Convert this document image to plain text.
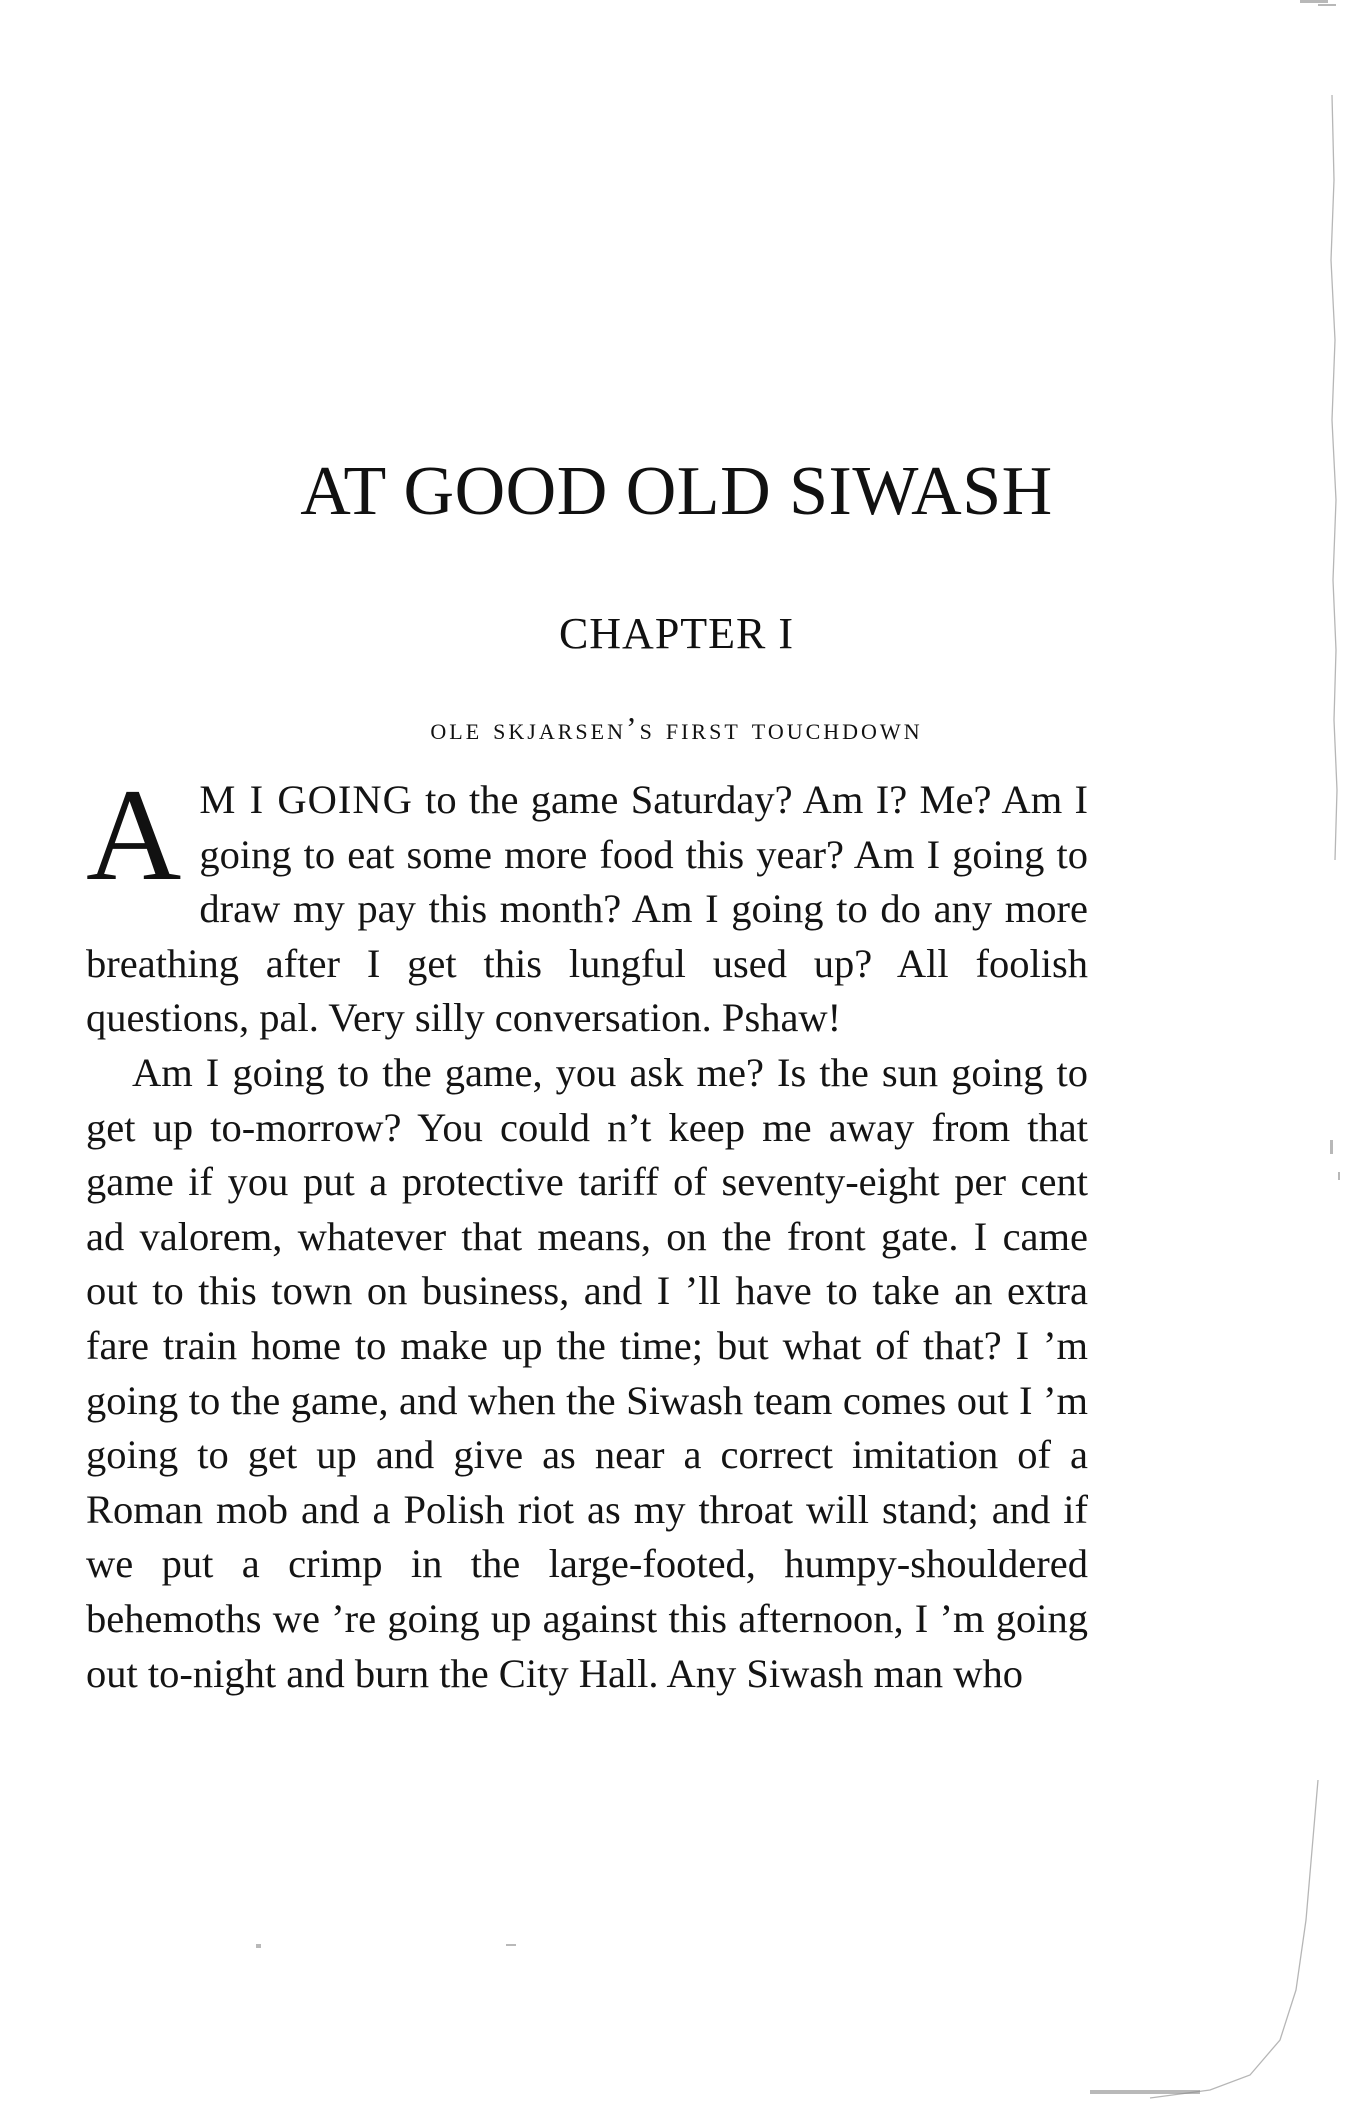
AT GOOD OLD SIWASH
CHAPTER I
ole skjarsen’s first touchdown

A M I GOING to the game Saturday? Am I? Me? Am I going to eat some more food this year? Am I going to draw my pay this month? Am I going to do any more breathing after I get this lungful used up? All foolish questions, pal. Very silly conversation. Pshaw!

Am I going to the game, you ask me? Is the sun going to get up to-morrow? You could n’t keep me away from that game if you put a protective tariff of seventy-eight per cent ad valorem, whatever that means, on the front gate. I came out to this town on business, and I ’ll have to take an extra fare train home to make up the time; but what of that? I ’m going to the game, and when the Siwash team comes out I ’m going to get up and give as near a correct imitation of a Roman mob and a Polish riot as my throat will stand; and if we put a crimp in the large-footed, humpy-shouldered behemoths we ’re going up against this afternoon, I ’m going out to-night and burn the City Hall. Any Siwash man who
